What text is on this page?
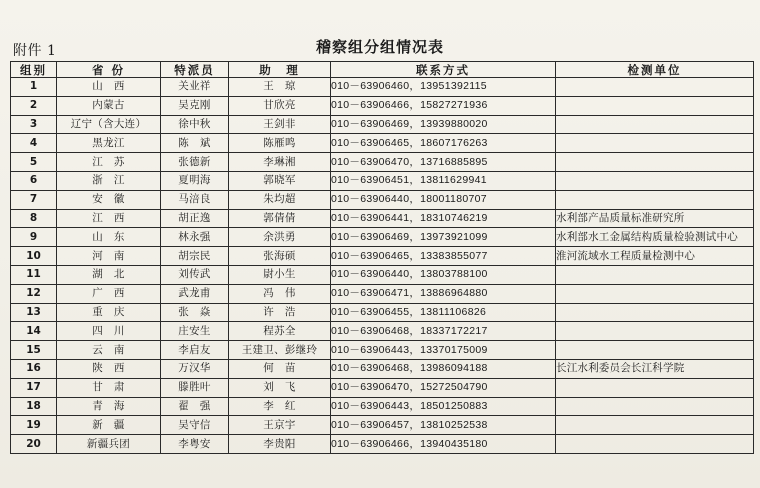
附件 1	稽察组分组情况表
组别	省 份	特派员	助　理	联系方式	检测单位
1	山　西	关业祥	王　琼	010－63906460，13951392115	
2	内蒙古	吴克刚	甘欣亮	010－63906466，15827271936	
3	辽宁（含大连）	徐中秋	王剑非	010－63906469，13939880020	
4	黑龙江	陈　斌	陈雁鸣	010－63906465，18607176263	
5	江　苏	张德新	李琳湘	010－63906470，13716885895	
6	浙　江	夏明海	郭晓军	010－63906451，13811629941	
7	安　徽	马涪良	朱均超	010－63906440，18001180707	
8	江　西	胡正逸	郭倩倩	010－63906441，18310746219	水利部产品质量标准研究所
9	山　东	林永强	余洪勇	010－63906469，13973921099	水利部水工金属结构质量检验测试中心
10	河　南	胡宗民	张海硕	010－63906465，13383855077	淮河流域水工程质量检测中心
11	湖　北	刘传武	尉小生	010－63906440，13803788100	
12	广　西	武龙甫	冯　伟	010－63906471，13886964880	
13	重　庆	张　焱	许　浩	010－63906455，13811106826	
14	四　川	庄安生	程苏全	010－63906468，18337172217	
15	云　南	李启友	王建卫、彭继玲	010－63906443，13370175009	
16	陕　西	万汉华	何　苗	010－63906468，13986094188	长江水利委员会长江科学院
17	甘　肃	滕胜叶	刘　飞	010－63906470，15272504790	
18	青　海	翟　强	李　红	010－63906443，18501250883	
19	新　疆	吴守信	王京宇	010－63906457，13810252538	
20	新疆兵团	李粤安	李贵阳	010－63906466，13940435180	
